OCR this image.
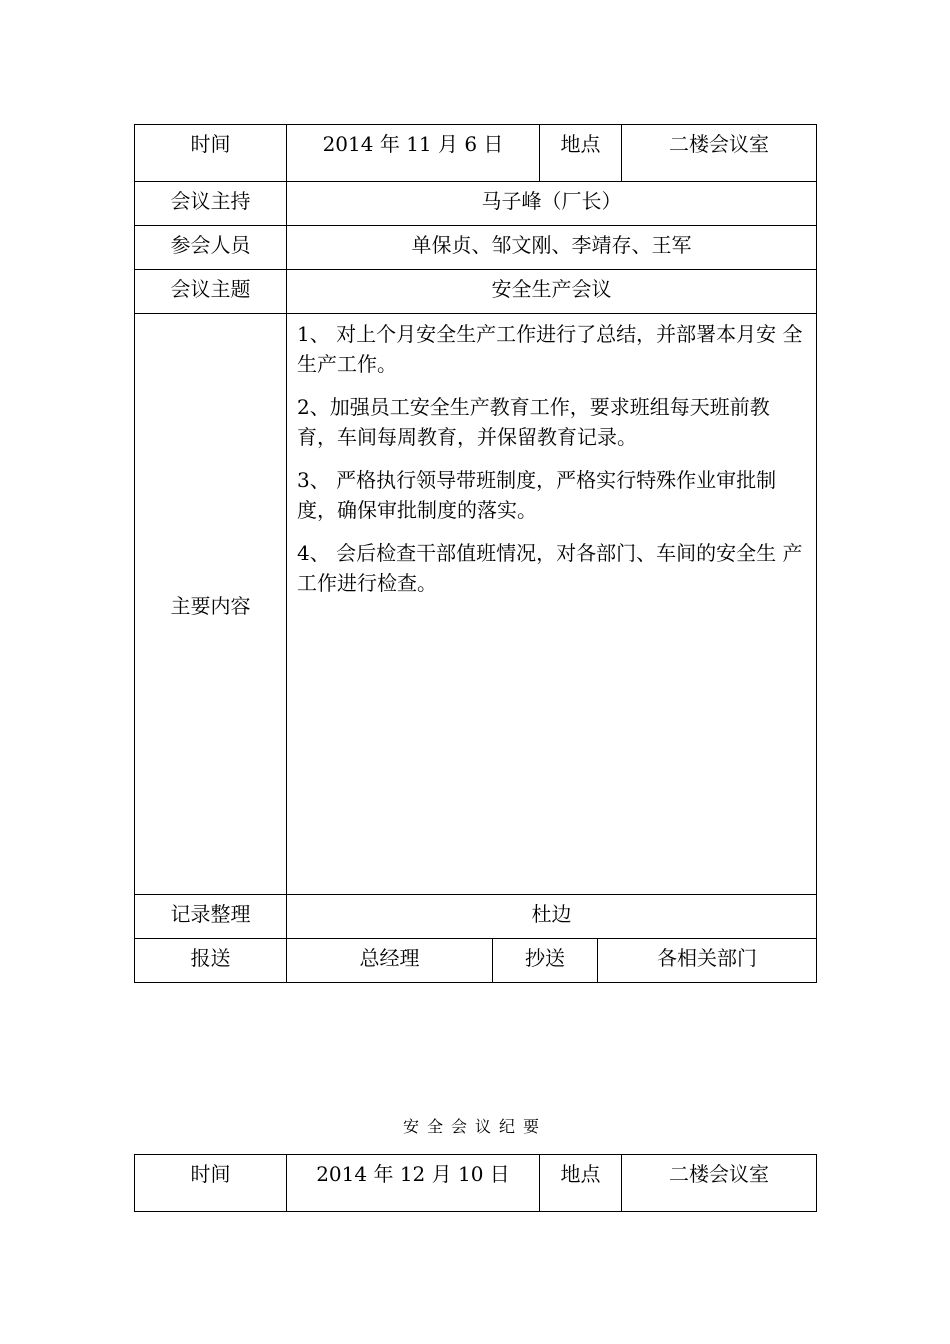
时间	2014 年 11 月 6 日		地点		二楼会议室

会议主持	马子峰（厂长）				

参会人员	单保贞、邹文刚、李靖存、王军				

会议主题	安全生产会议				

主要内容	1、 对上个月安全生产工作进行了总结，并部署本月安 全生产工作。

2、加强员工安全生产教育工作，要求班组每天班前教 育，车间每周教育，并保留教育记录。

3、 严格执行领导带班制度，严格实行特殊作业审批制 度，确保审批制度的落实。

4、 会后检查干部值班情况，对各部门、车间的安全生 产工作进行检查。				

记录整理	杜边				

报送	总经理	抄送		各相关部门	
安全会议纪要
时间	2014 年 12 月 10 日	地点	二楼会议室
